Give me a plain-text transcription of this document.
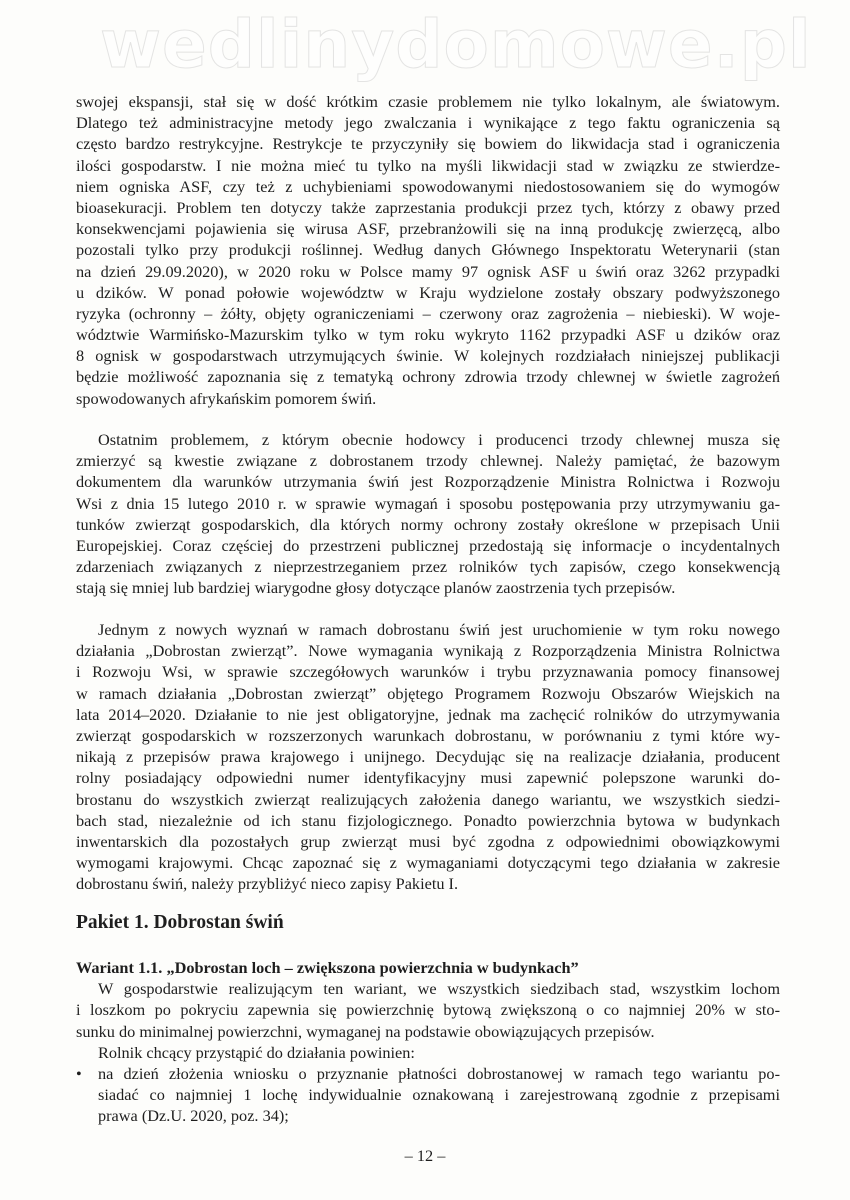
wedlinydomowe.pl
swojej ekspansji, stał się w dość krótkim czasie problemem nie tylko lokalnym, ale światowym.
Dlatego też administracyjne metody jego zwalczania i wynikające z tego faktu ograniczenia są
często bardzo restrykcyjne. Restrykcje te przyczyniły się bowiem do likwidacja stad i ograniczenia
ilości gospodarstw. I nie można mieć tu tylko na myśli likwidacji stad w związku ze stwierdze-
niem ogniska ASF, czy też z uchybieniami spowodowanymi niedostosowaniem się do wymogów
bioasekuracji. Problem ten dotyczy także zaprzestania produkcji przez tych, którzy z obawy przed
konsekwencjami pojawienia się wirusa ASF, przebranżowili się na inną produkcję zwierzęcą, albo
pozostali tylko przy produkcji roślinnej. Według danych Głównego Inspektoratu Weterynarii (stan
na dzień 29.09.2020), w 2020 roku w Polsce mamy 97 ognisk ASF u świń oraz 3262 przypadki
u dzików. W ponad połowie województw w Kraju wydzielone zostały obszary podwyższonego
ryzyka (ochronny – żółty, objęty ograniczeniami – czerwony oraz zagrożenia – niebieski). W woje-
wództwie Warmińsko-Mazurskim tylko w tym roku wykryto 1162 przypadki ASF u dzików oraz
8 ognisk w gospodarstwach utrzymujących świnie. W kolejnych rozdziałach niniejszej publikacji
będzie możliwość zapoznania się z tematyką ochrony zdrowia trzody chlewnej w świetle zagrożeń
spowodowanych afrykańskim pomorem świń.
Ostatnim problemem, z którym obecnie hodowcy i producenci trzody chlewnej musza się
zmierzyć są kwestie związane z dobrostanem trzody chlewnej. Należy pamiętać, że bazowym
dokumentem dla warunków utrzymania świń jest Rozporządzenie Ministra Rolnictwa i Rozwoju
Wsi z dnia 15 lutego 2010 r. w sprawie wymagań i sposobu postępowania przy utrzymywaniu ga-
tunków zwierząt gospodarskich, dla których normy ochrony zostały określone w przepisach Unii
Europejskiej. Coraz częściej do przestrzeni publicznej przedostają się informacje o incydentalnych
zdarzeniach związanych z nieprzestrzeganiem przez rolników tych zapisów, czego konsekwencją
stają się mniej lub bardziej wiarygodne głosy dotyczące planów zaostrzenia tych przepisów.
Jednym z nowych wyznań w ramach dobrostanu świń jest uruchomienie w tym roku nowego
działania „Dobrostan zwierząt”. Nowe wymagania wynikają z Rozporządzenia Ministra Rolnictwa
i Rozwoju Wsi, w sprawie szczegółowych warunków i trybu przyznawania pomocy finansowej
w ramach działania „Dobrostan zwierząt” objętego Programem Rozwoju Obszarów Wiejskich na
lata 2014–2020. Działanie to nie jest obligatoryjne, jednak ma zachęcić rolników do utrzymywania
zwierząt gospodarskich w rozszerzonych warunkach dobrostanu, w porównaniu z tymi które wy-
nikają z przepisów prawa krajowego i unijnego. Decydując się na realizacje działania, producent
rolny posiadający odpowiedni numer identyfikacyjny musi zapewnić polepszone warunki do-
brostanu do wszystkich zwierząt realizujących założenia danego wariantu, we wszystkich siedzi-
bach stad, niezależnie od ich stanu fizjologicznego. Ponadto powierzchnia bytowa w budynkach
inwentarskich dla pozostałych grup zwierząt musi być zgodna z odpowiednimi obowiązkowymi
wymogami krajowymi. Chcąc zapoznać się z wymaganiami dotyczącymi tego działania w zakresie
dobrostanu świń, należy przybliżyć nieco zapisy Pakietu I.
Pakiet 1. Dobrostan świń
Wariant 1.1. „Dobrostan loch – zwiększona powierzchnia w budynkach”
W gospodarstwie realizującym ten wariant, we wszystkich siedzibach stad, wszystkim lochom
i loszkom po pokryciu zapewnia się powierzchnię bytową zwiększoną o co najmniej 20% w sto-
sunku do minimalnej powierzchni, wymaganej na podstawie obowiązujących przepisów.
Rolnik chcący przystąpić do działania powinien:
• na dzień złożenia wniosku o przyznanie płatności dobrostanowej w ramach tego wariantu po-
siadać co najmniej 1 lochę indywidualnie oznakowaną i zarejestrowaną zgodnie z przepisami
prawa (Dz.U. 2020, poz. 34);
– 12 –
